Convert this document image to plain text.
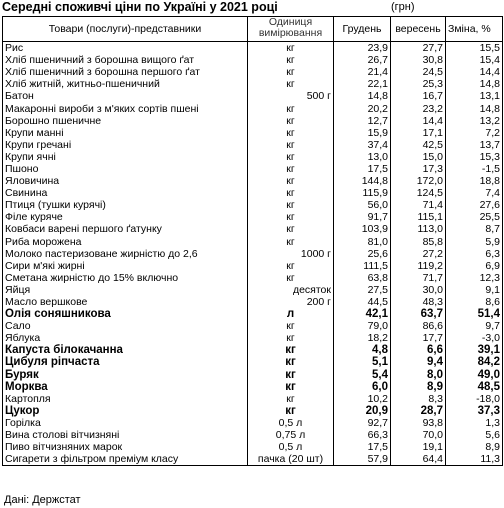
Середні споживчі ціни по Україні у 2021 році	(грн)
Товари (послуги)-представники	Одиниця вимірювання	Грудень	вересень	Зміна, %
Рис	кг	23,9	27,7	15,5
Хліб пшеничний з борошна вищого ґат	кг	26,7	30,8	15,4
Хліб пшеничний з борошна першого ґат	кг	21,4	24,5	14,4
Хліб житній, житньо-пшеничний	кг	22,1	25,3	14,8
Батон	500 г	14,8	16,7	13,1
Макаронні вироби з м'яких сортів пшені	кг	20,2	23,2	14,8
Борошно пшеничне	кг	12,7	14,4	13,2
Крупи манні	кг	15,9	17,1	7,2
Крупи гречані	кг	37,4	42,5	13,7
Крупи ячні	кг	13,0	15,0	15,3
Пшоно	кг	17,5	17,3	-1,5
Яловичина	кг	144,8	172,0	18,8
Свинина	кг	115,9	124,5	7,4
Птиця (тушки курячі)	кг	56,0	71,4	27,6
Філе куряче	кг	91,7	115,1	25,5
Ковбаси варені першого ґатунку	кг	103,9	113,0	8,7
Риба морожена	кг	81,0	85,8	5,9
Молоко пастеризоване жирністю до 2,6	1000 г	25,6	27,2	6,3
Сири м'які жирні	кг	111,5	119,2	6,9
Сметана жирністю до 15% включно	кг	63,8	71,7	12,3
Яйця	десяток	27,5	30,0	9,1
Масло вершкове	200 г	44,5	48,3	8,6
Олія соняшникова	л	42,1	63,7	51,4
Сало	кг	79,0	86,6	9,7
Яблука	кг	18,2	17,7	-3,0
Капуста білокачанна	кг	4,8	6,6	39,1
Цибуля ріпчаста	кг	5,1	9,4	84,2
Буряк	кг	5,4	8,0	49,0
Морква	кг	6,0	8,9	48,5
Картопля	кг	10,2	8,3	-18,0
Цукор	кг	20,9	28,7	37,3
Горілка	0,5 л	92,7	93,8	1,3
Вина столові вітчизняні	0,75 л	66,3	70,0	5,6
Пиво вітчизняних марок	0,5 л	17,5	19,1	8,9
Сигарети з фільтром преміум класу	пачка (20 шт)	57,9	64,4	11,3
Дані: Держстат
